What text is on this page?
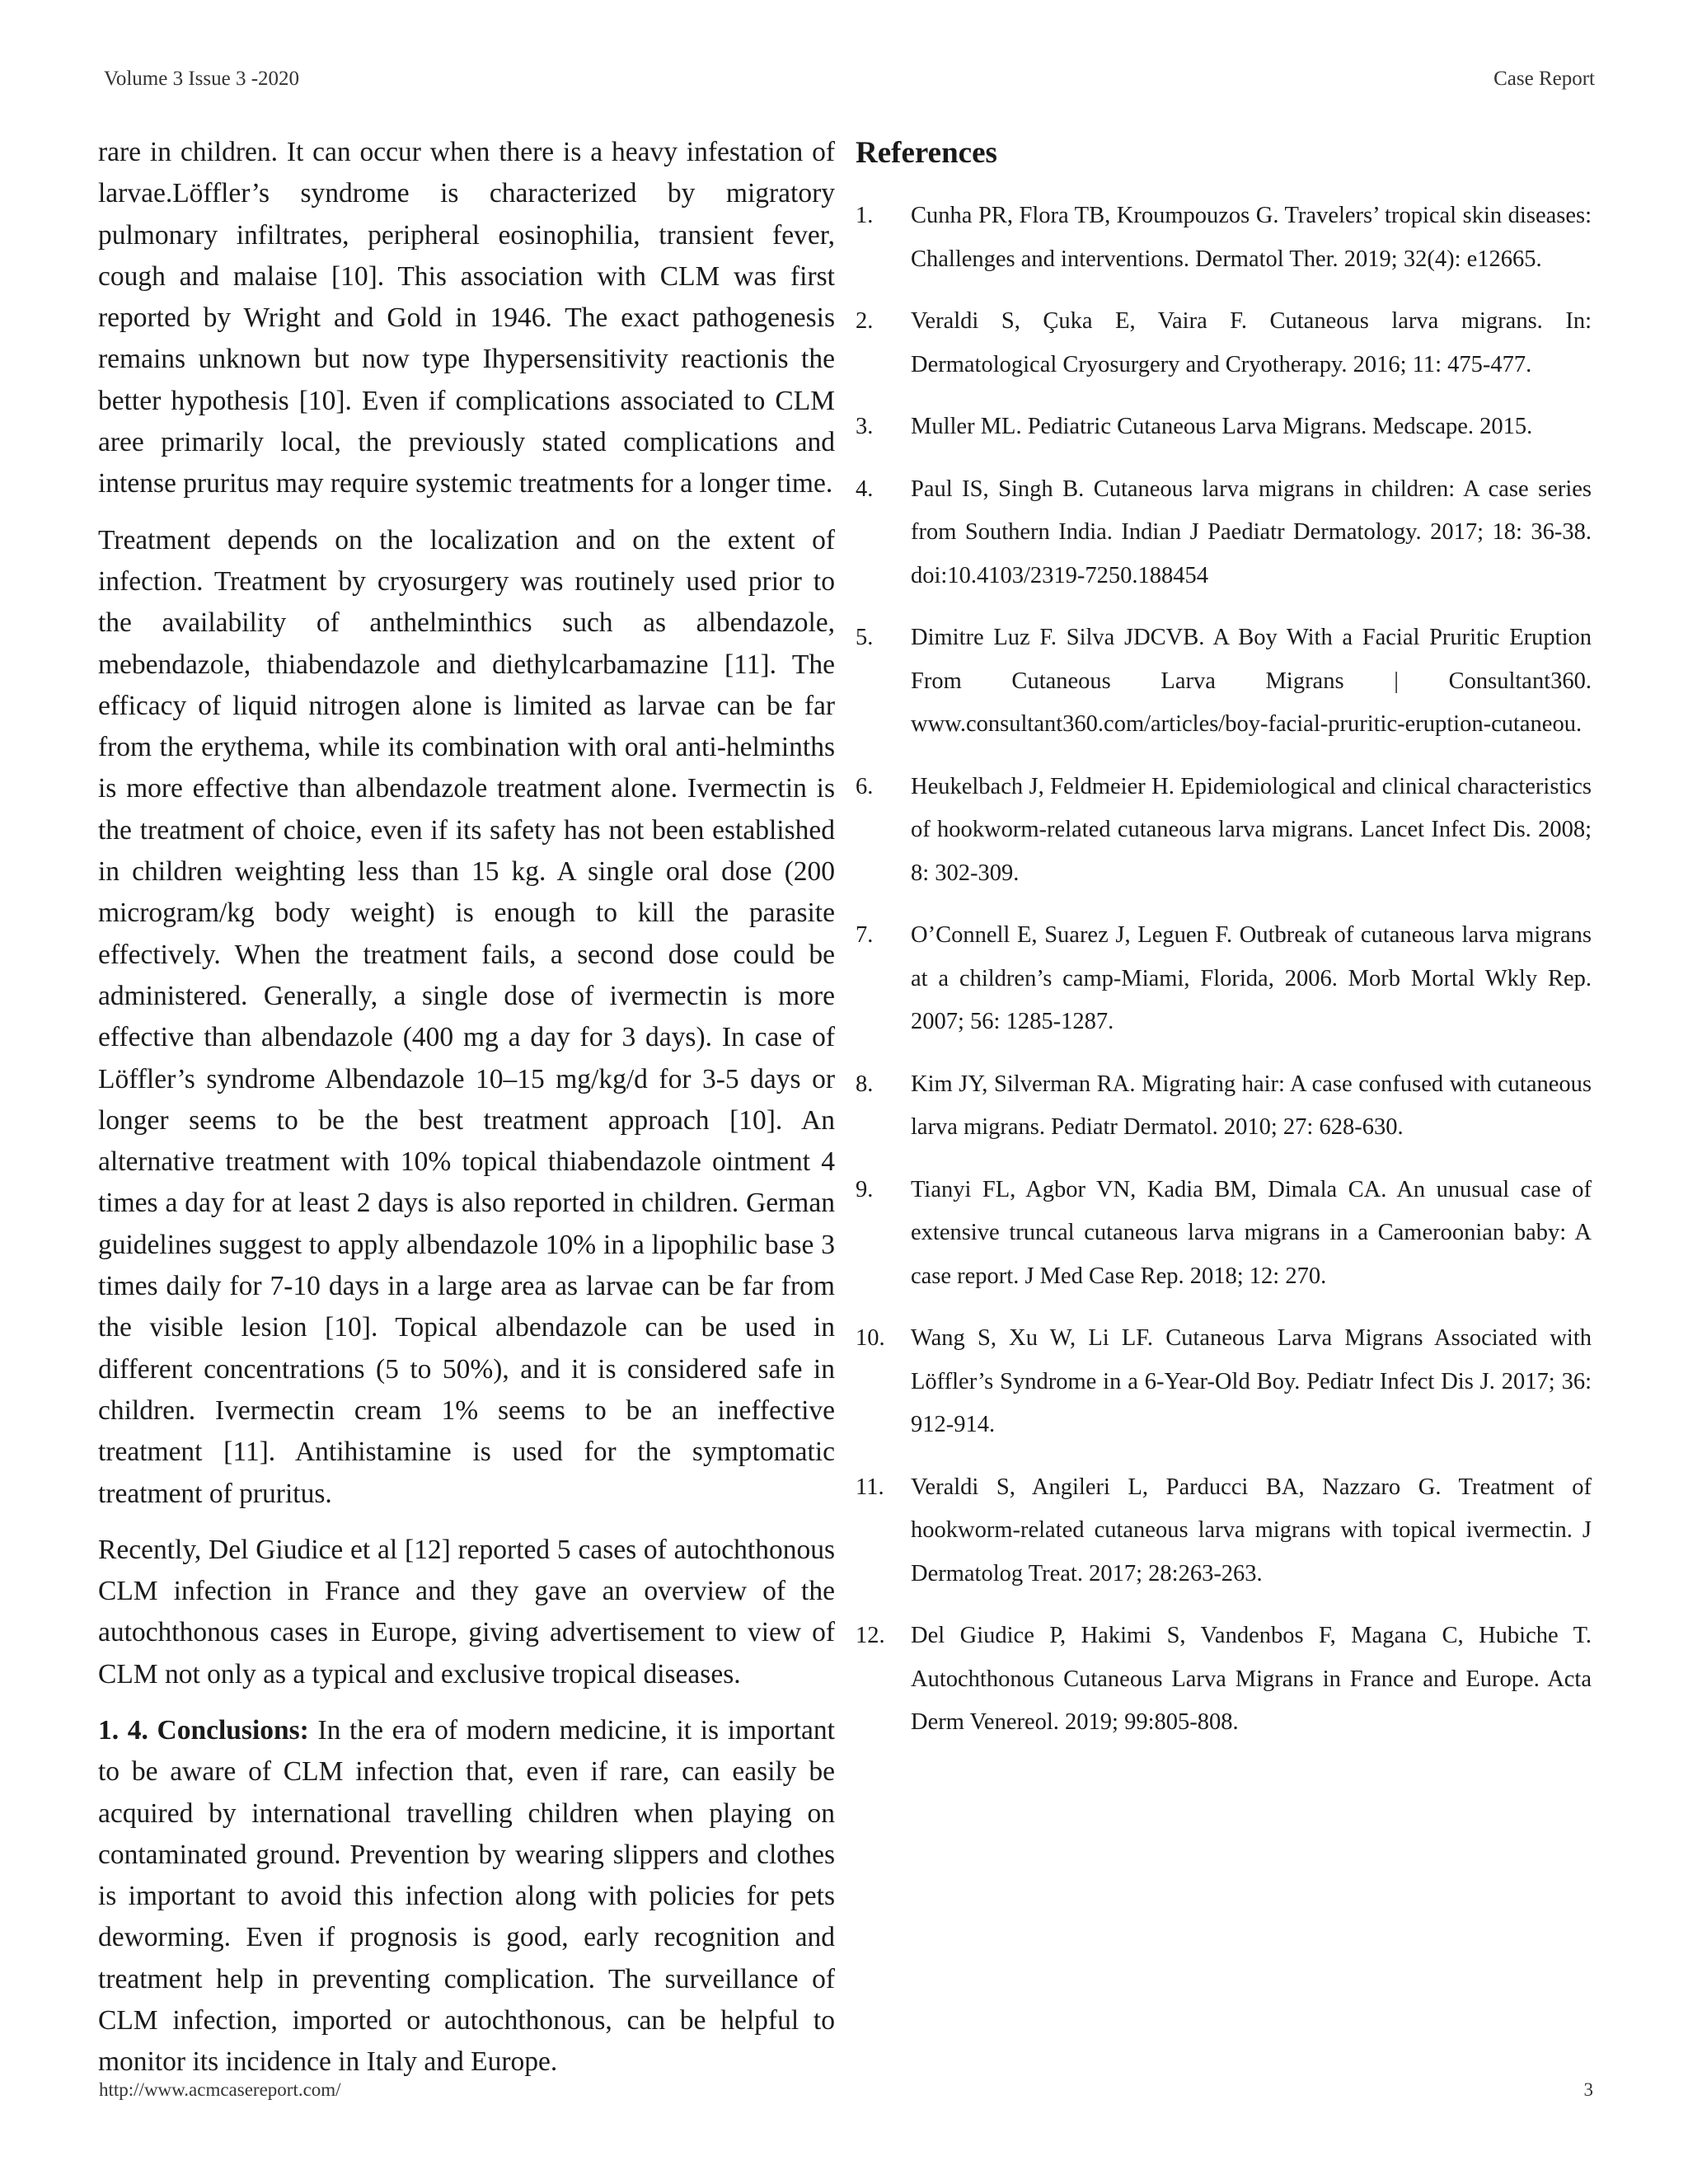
Volume 3 Issue 3 -2020	Case Report

rare in children. It can occur when there is a heavy infestation of larvae.Löffler’s syndrome is characterized by migratory pulmonary infiltrates, peripheral eosinophilia, transient fever, cough and malaise [10]. This association with CLM was first reported by Wright and Gold in 1946. The exact pathogenesis remains unknown but now type Ihypersensitivity reactionis the better hypothesis [10]. Even if complications associated to CLM aree primarily local, the previously stated complications and intense pruritus may require systemic treatments for a longer time.

Treatment depends on the localization and on the extent of infection. Treatment by cryosurgery was routinely used prior to the availability of anthelminthics such as albendazole, mebendazole, thiabendazole and diethylcarbamazine [11]. The efficacy of liquid nitrogen alone is limited as larvae can be far from the erythema, while its combination with oral anti-helminths is more effective than albendazole treatment alone. Ivermectin is the treatment of choice, even if its safety has not been established in children weighting less than 15 kg. A single oral dose (200 microgram/kg body weight) is enough to kill the parasite effectively. When the treatment fails, a second dose could be administered. Generally, a single dose of ivermectin is more effective than albendazole (400 mg a day for 3 days). In case of Löffler’s syndrome Albendazole 10–15 mg/kg/d for 3-5 days or longer seems to be the best treatment approach [10]. An alternative treatment with 10% topical thiabendazole ointment 4 times a day for at least 2 days is also reported in children. German guidelines suggest to apply albendazole 10% in a lipophilic base 3 times daily for 7-10 days in a large area as larvae can be far from the visible lesion [10]. Topical albendazole can be used in different concentrations (5 to 50%), and it is considered safe in children. Ivermectin cream 1% seems to be an ineffective treatment [11]. Antihistamine is used for the symptomatic treatment of pruritus.

Recently, Del Giudice et al [12] reported 5 cases of autochthonous CLM infection in France and they gave an overview of the autochthonous cases in Europe, giving advertisement to view of CLM not only as a typical and exclusive tropical diseases.

1. 4. Conclusions: In the era of modern medicine, it is important to be aware of CLM infection that, even if rare, can easily be acquired by international travelling children when playing on contaminated ground. Prevention by wearing slippers and clothes is important to avoid this infection along with policies for pets deworming. Even if prognosis is good, early recognition and treatment help in preventing complication. The surveillance of CLM infection, imported or autochthonous, can be helpful to monitor its incidence in Italy and Europe.

References
1.	Cunha PR, Flora TB, Kroumpouzos G. Travelers’ tropical skin diseases: Challenges and interventions. Dermatol Ther. 2019; 32(4): e12665.
2.	Veraldi S, Çuka E, Vaira F. Cutaneous larva migrans. In: Dermatological Cryosurgery and Cryotherapy. 2016; 11: 475-477.
3.	Muller ML. Pediatric Cutaneous Larva Migrans. Medscape. 2015.
4.	Paul IS, Singh B. Cutaneous larva migrans in children: A case series from Southern India. Indian J Paediatr Dermatology. 2017; 18: 36-38. doi:10.4103/2319-7250.188454
5.	Dimitre Luz F. Silva JDCVB. A Boy With a Facial Pruritic Eruption From Cutaneous Larva Migrans | Consultant360. www.consultant360.com/articles/boy-facial-pruritic-eruption-cutaneou.
6.	Heukelbach J, Feldmeier H. Epidemiological and clinical characteristics of hookworm-related cutaneous larva migrans. Lancet Infect Dis. 2008; 8: 302-309.
7.	O’Connell E, Suarez J, Leguen F. Outbreak of cutaneous larva migrans at a children’s camp-Miami, Florida, 2006. Morb Mortal Wkly Rep. 2007; 56: 1285-1287.
8.	Kim JY, Silverman RA. Migrating hair: A case confused with cutaneous larva migrans. Pediatr Dermatol. 2010; 27: 628-630.
9.	Tianyi FL, Agbor VN, Kadia BM, Dimala CA. An unusual case of extensive truncal cutaneous larva migrans in a Cameroonian baby: A case report. J Med Case Rep. 2018; 12: 270.
10.	Wang S, Xu W, Li LF. Cutaneous Larva Migrans Associated with Löffler’s Syndrome in a 6-Year-Old Boy. Pediatr Infect Dis J. 2017; 36: 912-914.
11.	Veraldi S, Angileri L, Parducci BA, Nazzaro G. Treatment of hookworm-related cutaneous larva migrans with topical ivermectin. J Dermatolog Treat. 2017; 28:263-263.
12.	Del Giudice P, Hakimi S, Vandenbos F, Magana C, Hubiche T. Autochthonous Cutaneous Larva Migrans in France and Europe. Acta Derm Venereol. 2019; 99:805-808.
http://www.acmcasereport.com/	3
